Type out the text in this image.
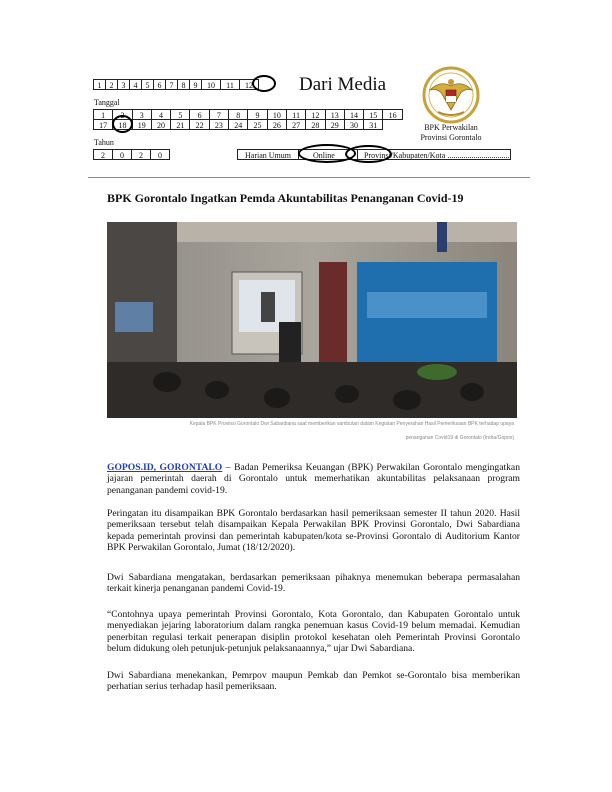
1	2	3	4	5	6	7	8	9	10	11	12	Dari Media
Tanggal
1	2	3	4	5	6	7	8	9	10	11	12	13	14	15	16
17	18	19	20	21	22	23	24	25	26	27	28	29	30	31
Tahun
2	0	2	0	Harian Umum	Online	Provinsi/Kabupaten/Kota ...............................
BPK Perwakilan
Provinsi Gorontalo
BPK Gorontalo Ingatkan Pemda Akuntabilitas Penanganan Covid-19
Kepala BPK Provinsi Gorontalo Dwi Sabardiana saat memberikan sambutan dalam Kegiatan Penyerahan Hasil Pemeriksaan BPK terhadap upaya
penanganan Covid19 di Gorontalo (Indra/Gopos)

GOPOS.ID, GORONTALO – Badan Pemeriksa Keuangan (BPK) Perwakilan Gorontalo mengingatkan jajaran pemerintah daerah di Gorontalo untuk memerhatikan akuntabilitas pelaksanaan program penanganan pandemi covid-19.

Peringatan itu disampaikan BPK Gorontalo berdasarkan hasil pemeriksaan semester II tahun 2020. Hasil pemeriksaan tersebut telah disampaikan Kepala Perwakilan BPK Provinsi Gorontalo, Dwi Sabardiana kepada pemerintah provinsi dan pemerintah kabupaten/kota se-Provinsi Gorontalo di Auditorium Kantor BPK Perwakilan Gorontalo, Jumat (18/12/2020).

Dwi Sabardiana mengatakan, berdasarkan pemeriksaan pihaknya menemukan beberapa permasalahan terkait kinerja penanganan pandemi Covid-19.

“Contohnya upaya pemerintah Provinsi Gorontalo, Kota Gorontalo, dan Kabupaten Gorontalo untuk menyediakan jejaring laboratorium dalam rangka penemuan kasus Covid-19 belum memadai. Kemudian penerbitan regulasi terkait penerapan disiplin protokol kesehatan oleh Pemerintah Provinsi Gorontalo belum didukung oleh petunjuk-petunjuk pelaksanaannya,” ujar Dwi Sabardiana.

Dwi Sabardiana menekankan, Pemrpov maupun Pemkab dan Pemkot se-Gorontalo bisa memberikan perhatian serius terhadap hasil pemeriksaan.
